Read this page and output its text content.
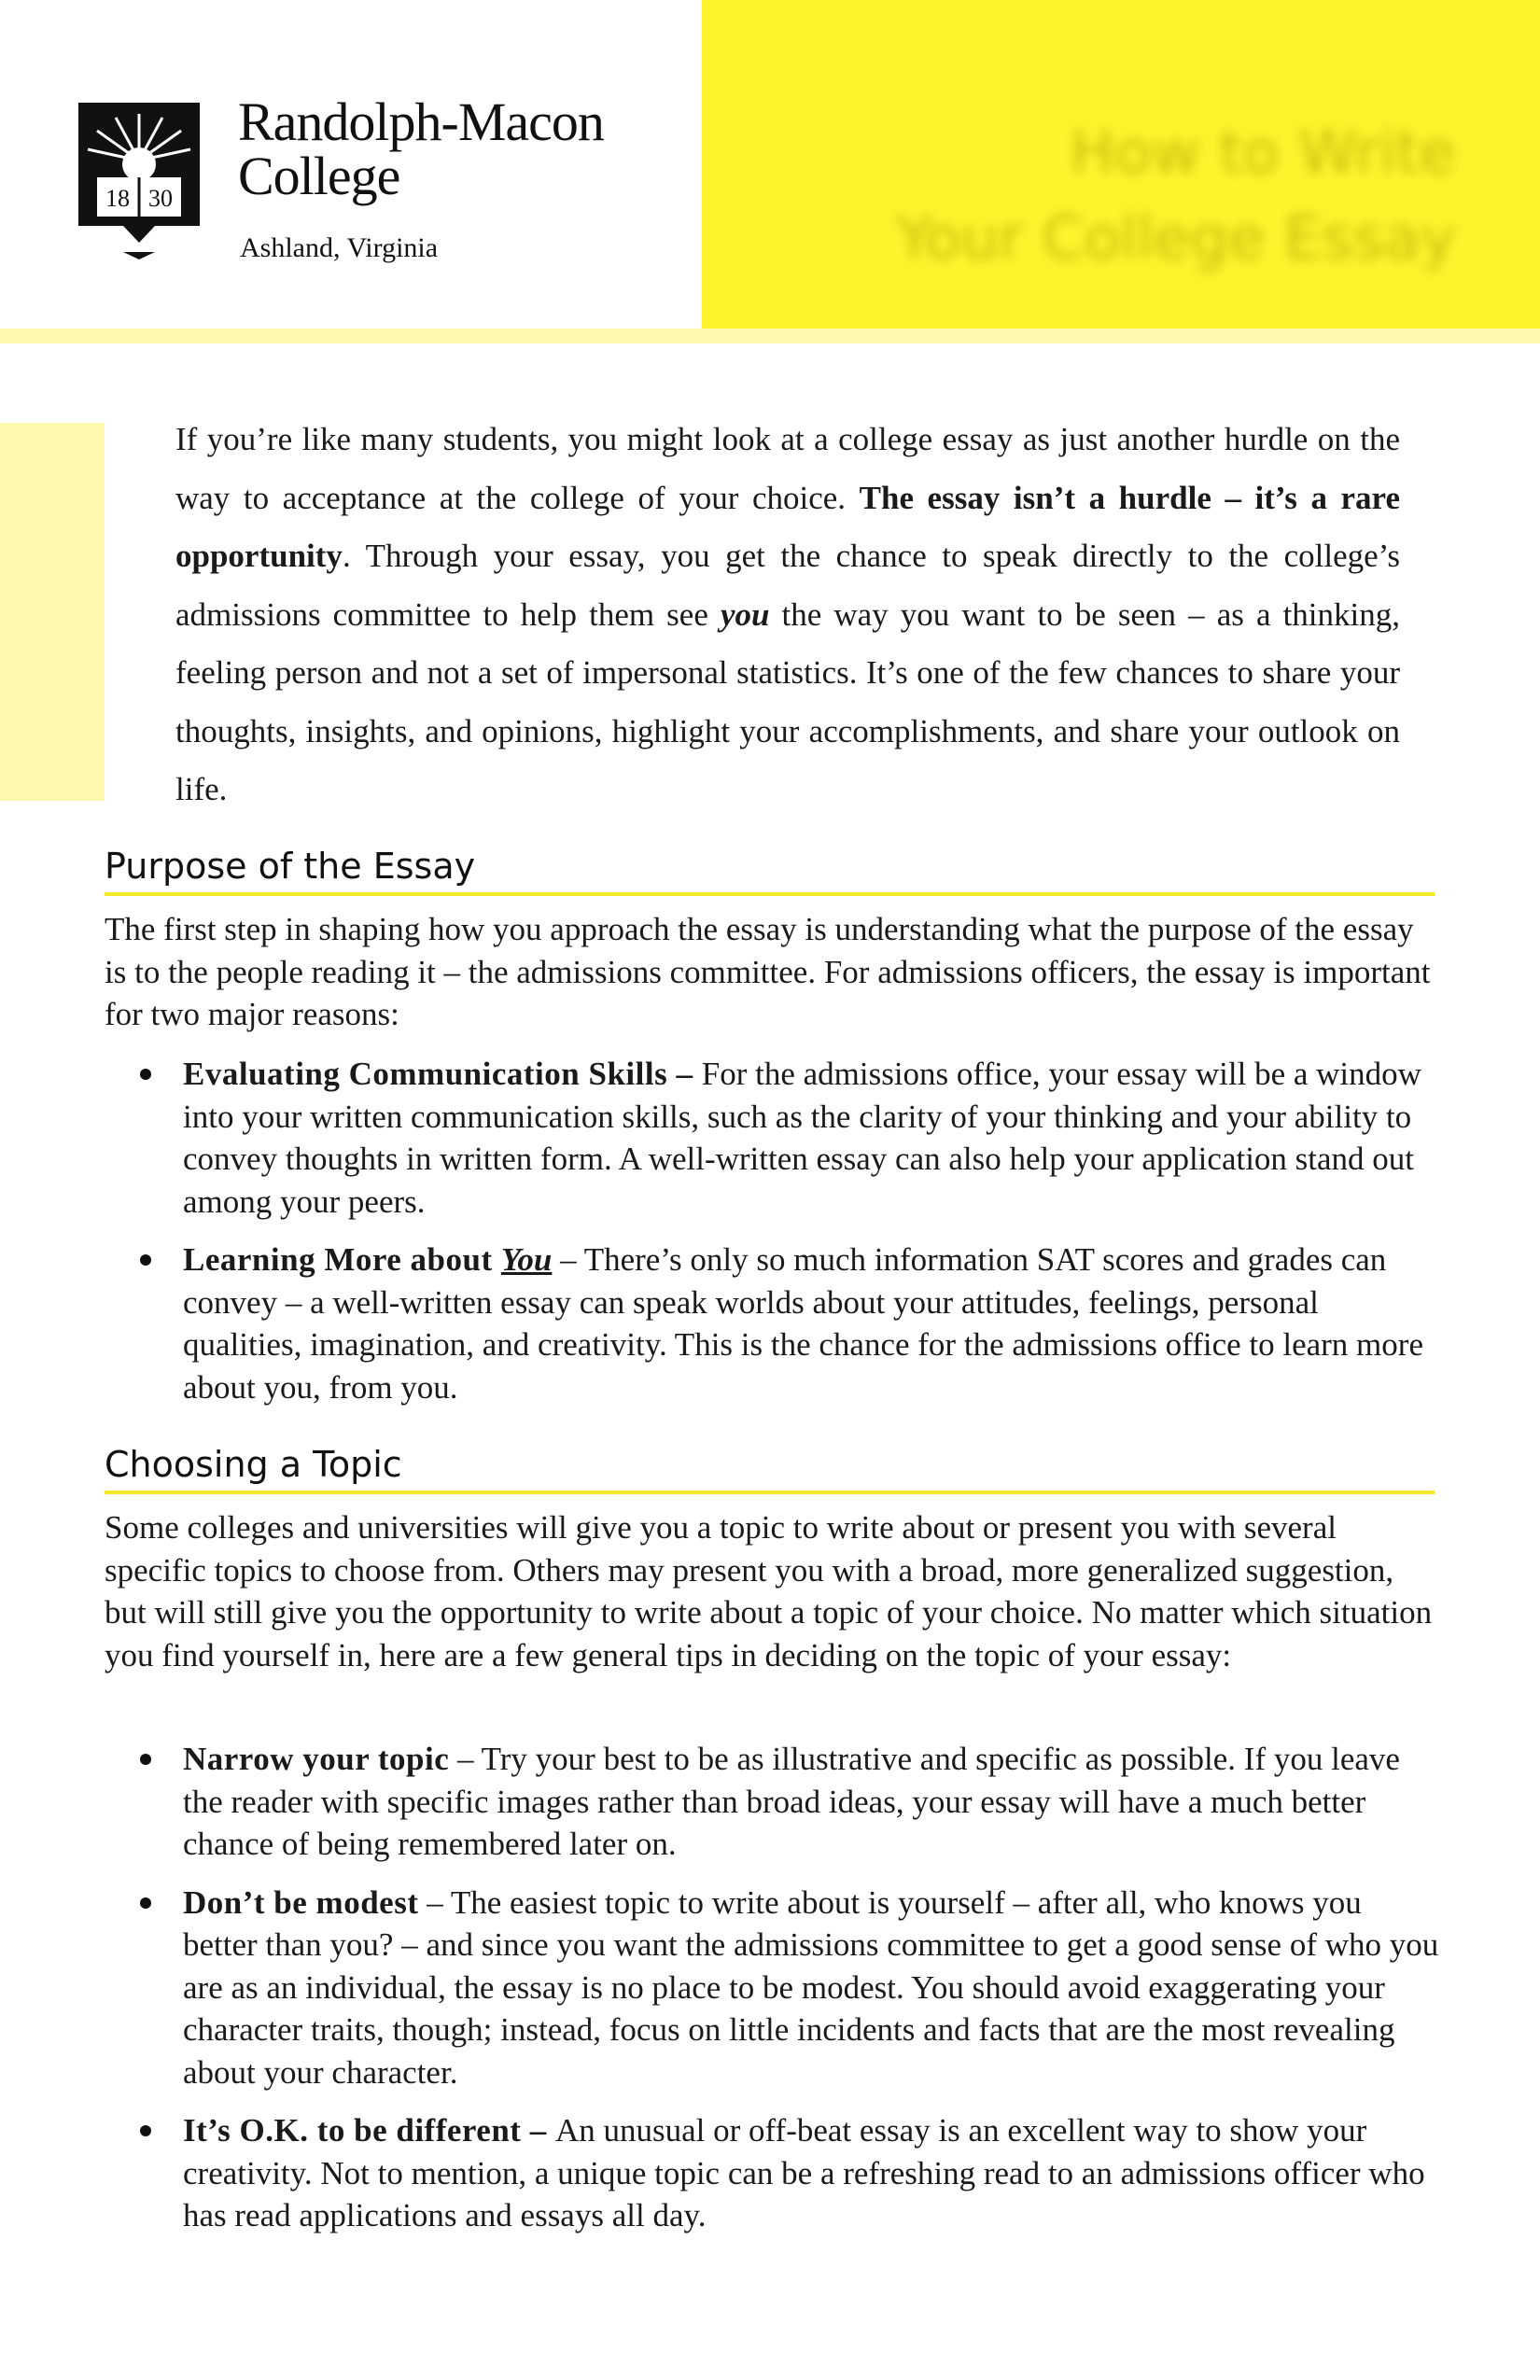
18 30
Randolph-Macon
College
Ashland, Virginia
How to Write
Your College Essay
If you’re like many students, you might look at a college essay as just another hurdle on the way to acceptance at the college of your choice. The essay isn’t a hurdle – it’s a rare opportunity. Through your essay, you get the chance to speak directly to the college’s admissions committee to help them see you the way you want to be seen – as a thinking, feeling person and not a set of impersonal statistics. It’s one of the few chances to share your thoughts, insights, and opinions, highlight your accomplishments, and share your outlook on life.
Purpose of the Essay
The first step in shaping how you approach the essay is understanding what the purpose of the essay is to the people reading it – the admissions committee. For admissions officers, the essay is important for two major reasons:
Evaluating Communication Skills – For the admissions office, your essay will be a window into your written communication skills, such as the clarity of your thinking and your ability to convey thoughts in written form. A well-written essay can also help your application stand out among your peers.
Learning More about You – There’s only so much information SAT scores and grades can convey – a well-written essay can speak worlds about your attitudes, feelings, personal qualities, imagination, and creativity. This is the chance for the admissions office to learn more about you, from you.
Choosing a Topic
Some colleges and universities will give you a topic to write about or present you with several specific topics to choose from. Others may present you with a broad, more generalized suggestion, but will still give you the opportunity to write about a topic of your choice. No matter which situation you find yourself in, here are a few general tips in deciding on the topic of your essay:
Narrow your topic – Try your best to be as illustrative and specific as possible. If you leave the reader with specific images rather than broad ideas, your essay will have a much better chance of being remembered later on.
Don’t be modest – The easiest topic to write about is yourself – after all, who knows you better than you? – and since you want the admissions committee to get a good sense of who you are as an individual, the essay is no place to be modest. You should avoid exaggerating your character traits, though; instead, focus on little incidents and facts that are the most revealing about your character.
It’s O.K. to be different – An unusual or off-beat essay is an excellent way to show your creativity. Not to mention, a unique topic can be a refreshing read to an admissions officer who has read applications and essays all day.
